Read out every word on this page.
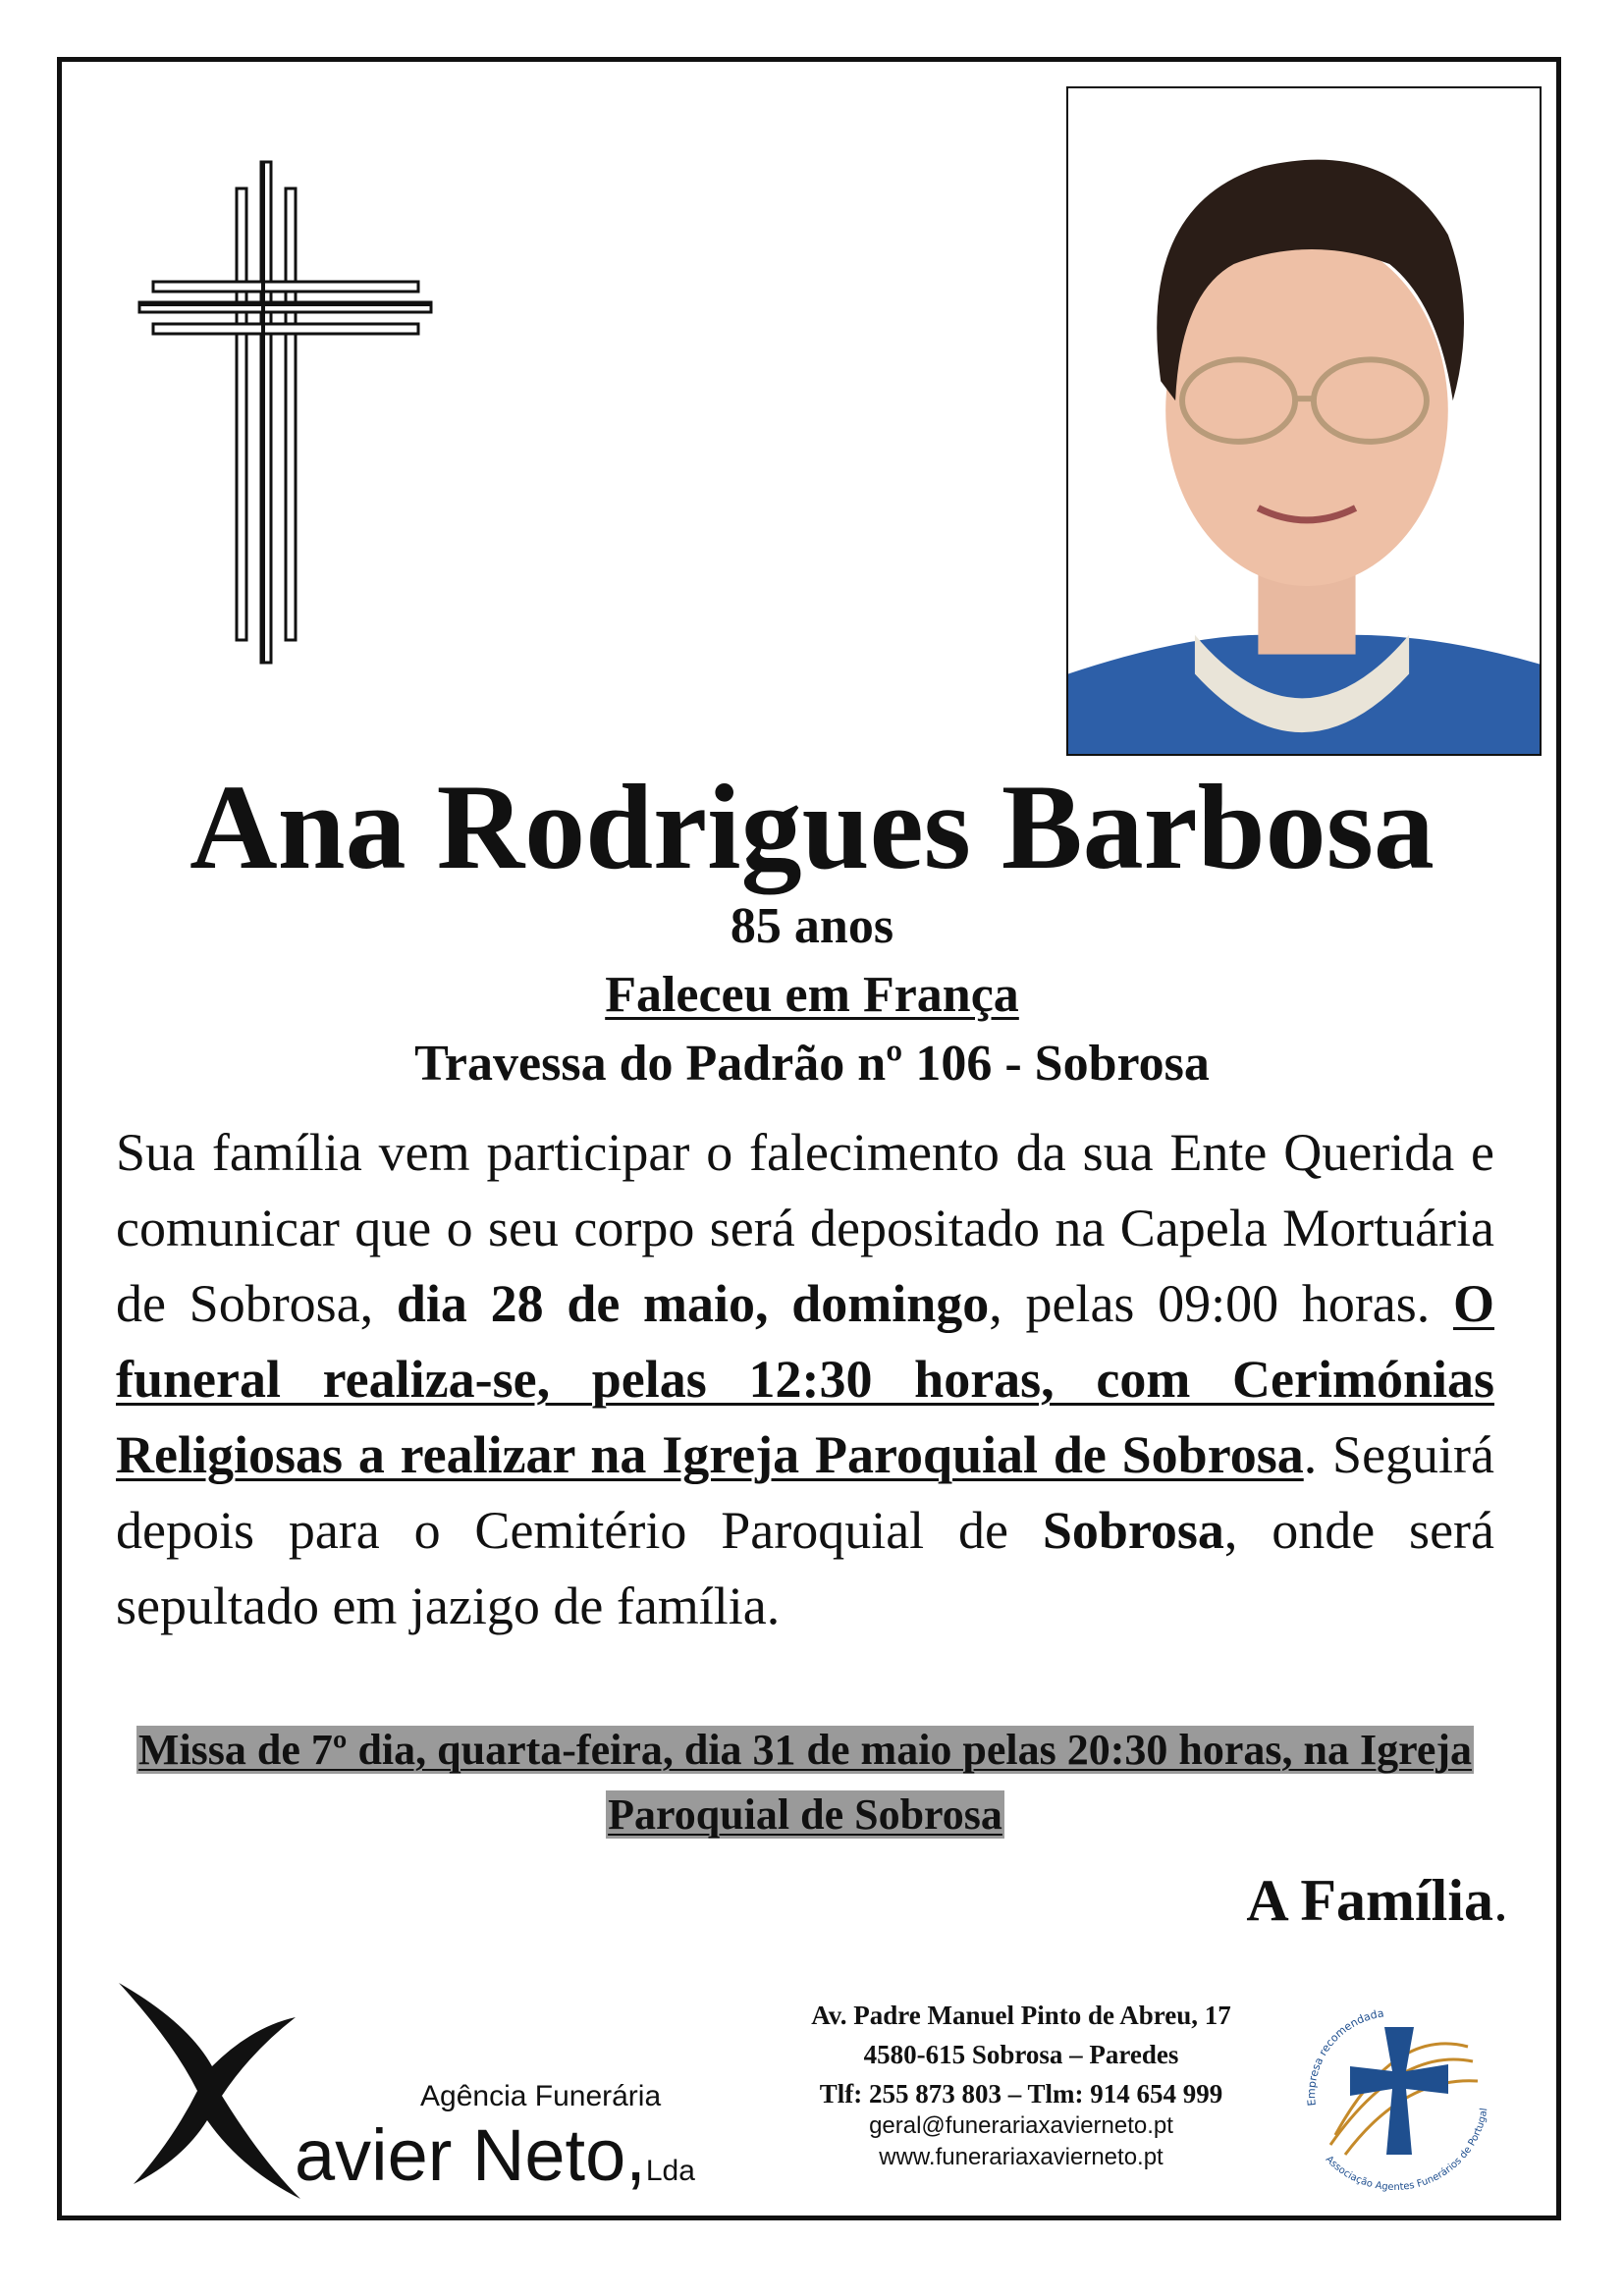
Ana Rodrigues Barbosa
85 anos
Faleceu em França
Travessa do Padrão nº 106 - Sobrosa
Sua família vem participar o falecimento da sua Ente Querida e comunicar que o seu corpo será depositado na Capela Mortuária de Sobrosa, dia 28 de maio, domingo, pelas 09:00 horas. O funeral realiza-se, pelas 12:30 horas, com Cerimónias Religiosas a realizar na Igreja Paroquial de Sobrosa. Seguirá depois para o Cemitério Paroquial de Sobrosa, onde será sepultado em jazigo de família.
Missa de 7º dia, quarta-feira, dia 31 de maio pelas 20:30 horas, na Igreja Paroquial de Sobrosa
A Família.
Agência Funerária
avier Neto,Lda
Av. Padre Manuel Pinto de Abreu, 17
4580-615 Sobrosa – Paredes
Tlf: 255 873 803 – Tlm: 914 654 999
geral@funerariaxavierneto.pt
www.funerariaxavierneto.pt
Empresa recomendada
Associação Agentes Funerários de Portugal
